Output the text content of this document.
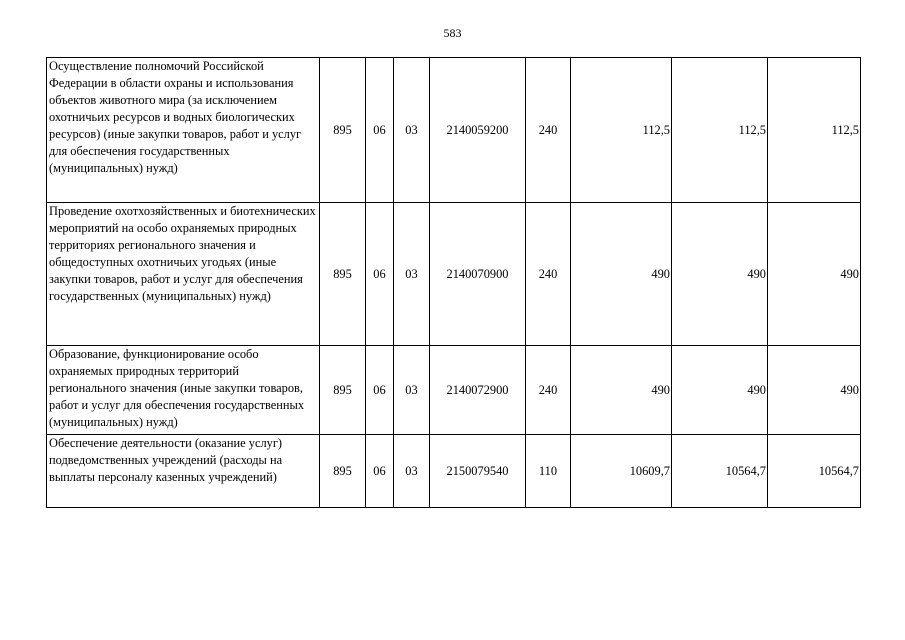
583
Осуществление полномочий Российской Федерации в области охраны и использования объектов животного мира (за исключением охотничьих ресурсов и водных биологических ресурсов) (иные закупки товаров, работ и услуг для обеспечения государственных (муниципальных) нужд)	895	06	03	2140059200	240	112,5	112,5	112,5
Проведение охотхозяйственных и биотехнических мероприятий на особо охраняемых природных территориях регионального значения и общедоступных охотничьих угодьях (иные закупки товаров, работ и услуг для обеспечения государственных (муниципальных) нужд)	895	06	03	2140070900	240	490	490	490
Образование, функционирование особо охраняемых природных территорий регионального значения (иные закупки товаров, работ и услуг для обеспечения государственных (муниципальных) нужд)	895	06	03	2140072900	240	490	490	490
Обеспечение деятельности (оказание услуг) подведомственных учреждений (расходы на выплаты персоналу казенных учреждений)	895	06	03	2150079540	110	10609,7	10564,7	10564,7
